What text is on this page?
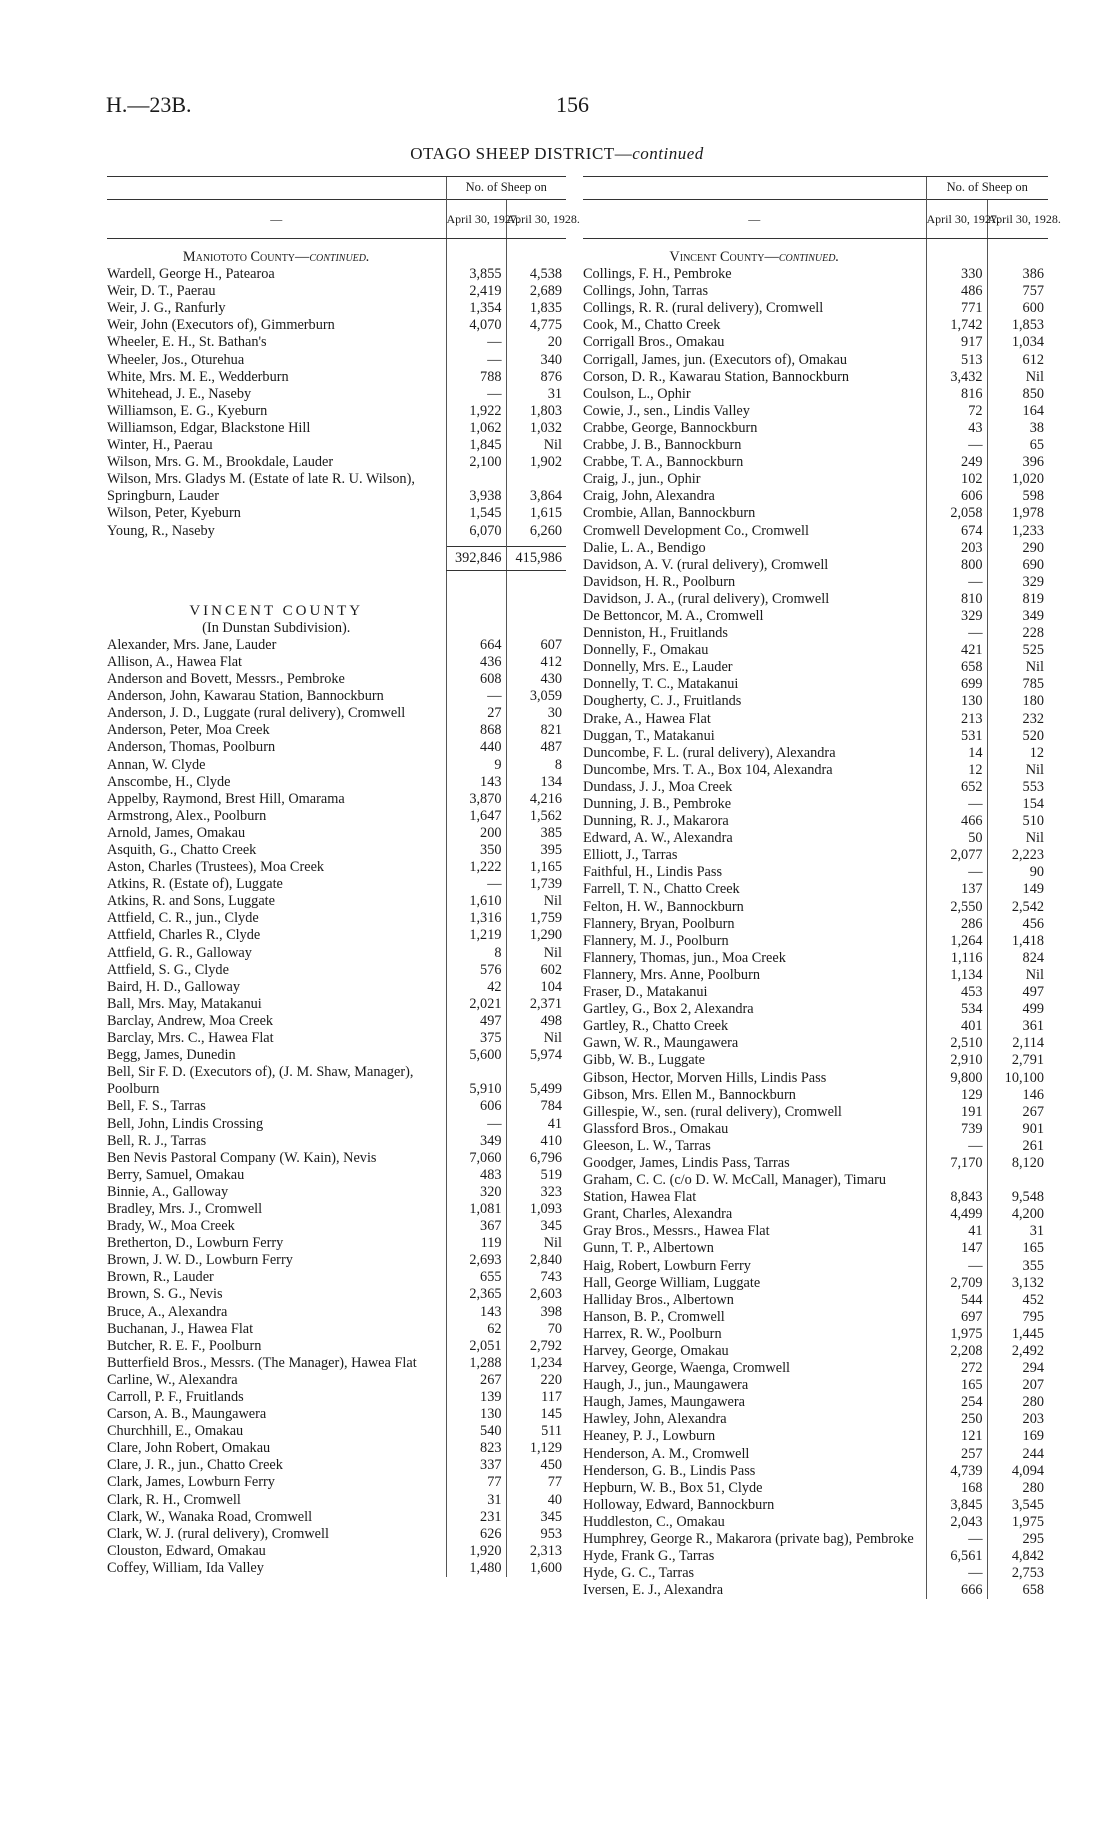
H.—23B.	156
OTAGO SHEEP DISTRICT—continued
	No. of Sheep on	
—	April 30, 1927.	April 30, 1928.

Maniototo County—continued.		
Wardell, George H., Patearoa	3,855	4,538
Weir, D. T., Paerau	2,419	2,689
Weir, J. G., Ranfurly	1,354	1,835
Weir, John (Executors of), Gimmerburn	4,070	4,775
Wheeler, E. H., St. Bathan's	—	20
Wheeler, Jos., Oturehua	—	340
White, Mrs. M. E., Wedderburn	788	876
Whitehead, J. E., Naseby	—	31
Williamson, E. G., Kyeburn	1,922	1,803
Williamson, Edgar, Blackstone Hill	1,062	1,032
Winter, H., Paerau	1,845	Nil
Wilson, Mrs. G. M., Brookdale, Lauder	2,100	1,902
Wilson, Mrs. Gladys M. (Estate of late R. U. Wilson), Springburn, Lauder	3,938	3,864
Wilson, Peter, Kyeburn	1,545	1,615
Young, R., Naseby	6,070	6,260

	392,846	415,986

VINCENT COUNTY		
(In Dunstan Subdivision).		
Alexander, Mrs. Jane, Lauder	664	607
Allison, A., Hawea Flat	436	412
Anderson and Bovett, Messrs., Pembroke	608	430
Anderson, John, Kawarau Station, Bannockburn	—	3,059
Anderson, J. D., Luggate (rural delivery), Cromwell	27	30
Anderson, Peter, Moa Creek	868	821
Anderson, Thomas, Poolburn	440	487
Annan, W. Clyde	9	8
Anscombe, H., Clyde	143	134
Appelby, Raymond, Brest Hill, Omarama	3,870	4,216
Armstrong, Alex., Poolburn	1,647	1,562
Arnold, James, Omakau	200	385
Asquith, G., Chatto Creek	350	395
Aston, Charles (Trustees), Moa Creek	1,222	1,165
Atkins, R. (Estate of), Luggate	—	1,739
Atkins, R. and Sons, Luggate	1,610	Nil
Attfield, C. R., jun., Clyde	1,316	1,759
Attfield, Charles R., Clyde	1,219	1,290
Attfield, G. R., Galloway	8	Nil
Attfield, S. G., Clyde	576	602
Baird, H. D., Galloway	42	104
Ball, Mrs. May, Matakanui	2,021	2,371
Barclay, Andrew, Moa Creek	497	498
Barclay, Mrs. C., Hawea Flat	375	Nil
Begg, James, Dunedin	5,600	5,974
Bell, Sir F. D. (Executors of), (J. M. Shaw, Manager), Poolburn	5,910	5,499
Bell, F. S., Tarras	606	784
Bell, John, Lindis Crossing	—	41
Bell, R. J., Tarras	349	410
Ben Nevis Pastoral Company (W. Kain), Nevis	7,060	6,796
Berry, Samuel, Omakau	483	519
Binnie, A., Galloway	320	323
Bradley, Mrs. J., Cromwell	1,081	1,093
Brady, W., Moa Creek	367	345
Bretherton, D., Lowburn Ferry	119	Nil
Brown, J. W. D., Lowburn Ferry	2,693	2,840
Brown, R., Lauder	655	743
Brown, S. G., Nevis	2,365	2,603
Bruce, A., Alexandra	143	398
Buchanan, J., Hawea Flat	62	70
Butcher, R. E. F., Poolburn	2,051	2,792
Butterfield Bros., Messrs. (The Manager), Hawea Flat	1,288	1,234
Carline, W., Alexandra	267	220
Carroll, P. F., Fruitlands	139	117
Carson, A. B., Maungawera	130	145
Churchhill, E., Omakau	540	511
Clare, John Robert, Omakau	823	1,129
Clare, J. R., jun., Chatto Creek	337	450
Clark, James, Lowburn Ferry	77	77
Clark, R. H., Cromwell	31	40
Clark, W., Wanaka Road, Cromwell	231	345
Clark, W. J. (rural delivery), Cromwell	626	953
Clouston, Edward, Omakau	1,920	2,313
Coffey, William, Ida Valley	1,480	1,600
	No. of Sheep on	
—	April 30, 1927.	April 30, 1928.

Vincent County—continued.		
Collings, F. H., Pembroke	330	386
Collings, John, Tarras	486	757
Collings, R. R. (rural delivery), Cromwell	771	600
Cook, M., Chatto Creek	1,742	1,853
Corrigall Bros., Omakau	917	1,034
Corrigall, James, jun. (Executors of), Omakau	513	612
Corson, D. R., Kawarau Station, Bannockburn	3,432	Nil
Coulson, L., Ophir	816	850
Cowie, J., sen., Lindis Valley	72	164
Crabbe, George, Bannockburn	43	38
Crabbe, J. B., Bannockburn	—	65
Crabbe, T. A., Bannockburn	249	396
Craig, J., jun., Ophir	102	1,020
Craig, John, Alexandra	606	598
Crombie, Allan, Bannockburn	2,058	1,978
Cromwell Development Co., Cromwell	674	1,233
Dalie, L. A., Bendigo	203	290
Davidson, A. V. (rural delivery), Cromwell	800	690
Davidson, H. R., Poolburn	—	329
Davidson, J. A., (rural delivery), Cromwell	810	819
De Bettoncor, M. A., Cromwell	329	349
Denniston, H., Fruitlands	—	228
Donnelly, F., Omakau	421	525
Donnelly, Mrs. E., Lauder	658	Nil
Donnelly, T. C., Matakanui	699	785
Dougherty, C. J., Fruitlands	130	180
Drake, A., Hawea Flat	213	232
Duggan, T., Matakanui	531	520
Duncombe, F. L. (rural delivery), Alexandra	14	12
Duncombe, Mrs. T. A., Box 104, Alexandra	12	Nil
Dundass, J. J., Moa Creek	652	553
Dunning, J. B., Pembroke	—	154
Dunning, R. J., Makarora	466	510
Edward, A. W., Alexandra	50	Nil
Elliott, J., Tarras	2,077	2,223
Faithful, H., Lindis Pass	—	90
Farrell, T. N., Chatto Creek	137	149
Felton, H. W., Bannockburn	2,550	2,542
Flannery, Bryan, Poolburn	286	456
Flannery, M. J., Poolburn	1,264	1,418
Flannery, Thomas, jun., Moa Creek	1,116	824
Flannery, Mrs. Anne, Poolburn	1,134	Nil
Fraser, D., Matakanui	453	497
Gartley, G., Box 2, Alexandra	534	499
Gartley, R., Chatto Creek	401	361
Gawn, W. R., Maungawera	2,510	2,114
Gibb, W. B., Luggate	2,910	2,791
Gibson, Hector, Morven Hills, Lindis Pass	9,800	10,100
Gibson, Mrs. Ellen M., Bannockburn	129	146
Gillespie, W., sen. (rural delivery), Cromwell	191	267
Glassford Bros., Omakau	739	901
Gleeson, L. W., Tarras	—	261
Goodger, James, Lindis Pass, Tarras	7,170	8,120
Graham, C. C. (c/o D. W. McCall, Manager), Timaru Station, Hawea Flat	8,843	9,548
Grant, Charles, Alexandra	4,499	4,200
Gray Bros., Messrs., Hawea Flat	41	31
Gunn, T. P., Albertown	147	165
Haig, Robert, Lowburn Ferry	—	355
Hall, George William, Luggate	2,709	3,132
Halliday Bros., Albertown	544	452
Hanson, B. P., Cromwell	697	795
Harrex, R. W., Poolburn	1,975	1,445
Harvey, George, Omakau	2,208	2,492
Harvey, George, Waenga, Cromwell	272	294
Haugh, J., jun., Maungawera	165	207
Haugh, James, Maungawera	254	280
Hawley, John, Alexandra	250	203
Heaney, P. J., Lowburn	121	169
Henderson, A. M., Cromwell	257	244
Henderson, G. B., Lindis Pass	4,739	4,094
Hepburn, W. B., Box 51, Clyde	168	280
Holloway, Edward, Bannockburn	3,845	3,545
Huddleston, C., Omakau	2,043	1,975
Humphrey, George R., Makarora (private bag), Pembroke	—	295
Hyde, Frank G., Tarras	6,561	4,842
Hyde, G. C., Tarras	—	2,753
Iversen, E. J., Alexandra	666	658
